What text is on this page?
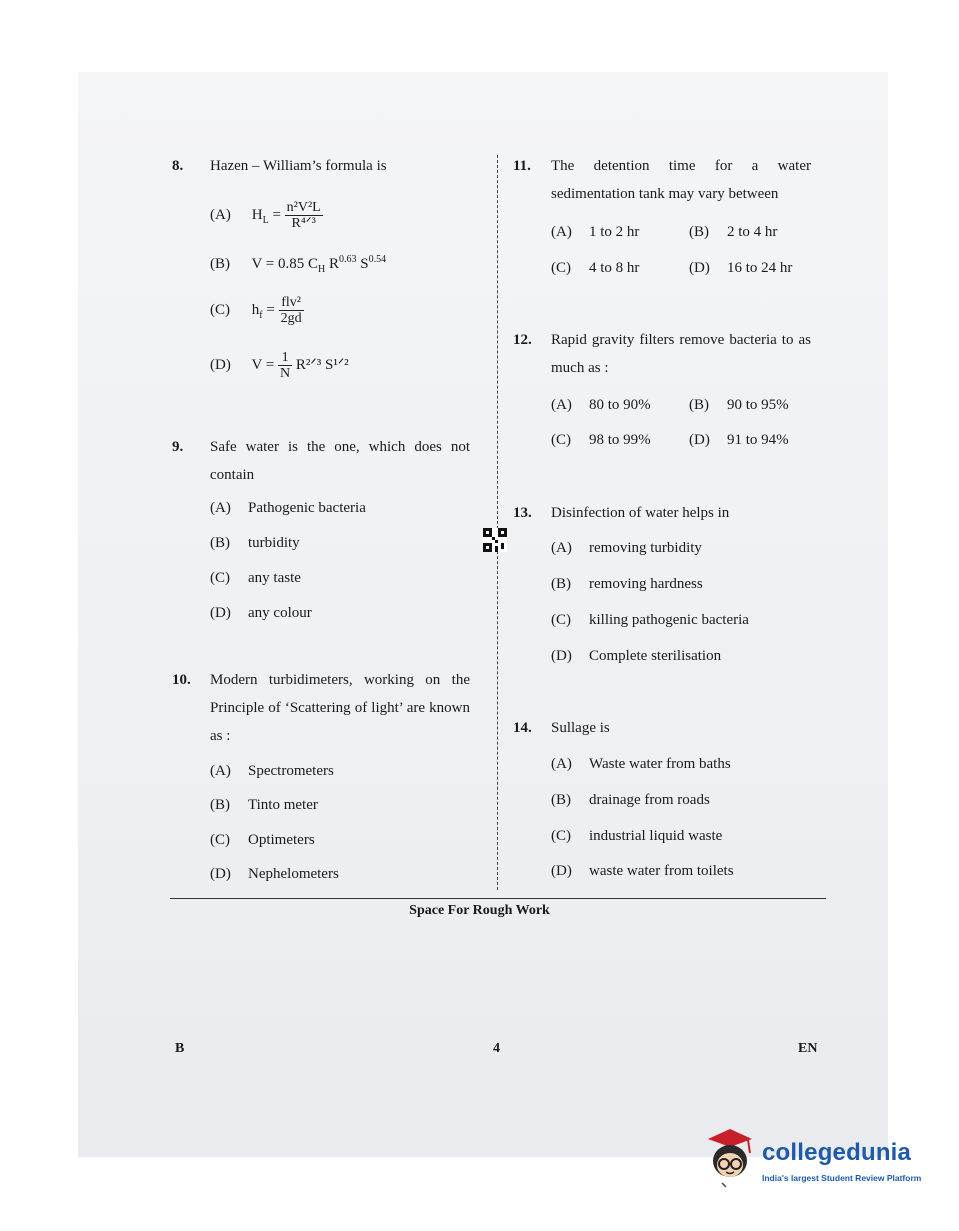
8. Hazen – William’s formula is
(A) $H_L = \frac{\text{n²V²L}}{\text{R⁴ᐟ³}}$
(B) V = 0.85 $C_H$ $R^{0.63}$ $S^{0.54}$
(C) $h_f = \frac{\text{flv²}}{2gd}$
(D) $V = \frac{1}{N}$ R²ᐟ³ S¹ᐟ²
9. Safe water is the one, which does not contain
(A) Pathogenic bacteria
(B) turbidity
(C) any taste
(D) any colour
10. Modern turbidimeters, working on the Principle of ‘Scattering of light’ are known as :
(A) Spectrometers
(B) Tinto meter
(C) Optimeters
(D) Nephelometers
11. The detention time for a water sedimentation tank may vary between
(A) 1 to 2 hr	(B) 2 to 4 hr
(C) 4 to 8 hr	(D) 16 to 24 hr
12. Rapid gravity filters remove bacteria to as much as :
(A) 80 to 90%	(B) 90 to 95%
(C) 98 to 99%	(D) 91 to 94%
13. Disinfection of water helps in
(A) removing turbidity
(B) removing hardness
(C) killing pathogenic bacteria
(D) Complete sterilisation
14. Sullage is
(A) Waste water from baths
(B) drainage from roads
(C) industrial liquid waste
(D) waste water from toilets
Space For Rough Work
B	4	EN
collegedunia
India's largest Student Review Platform
